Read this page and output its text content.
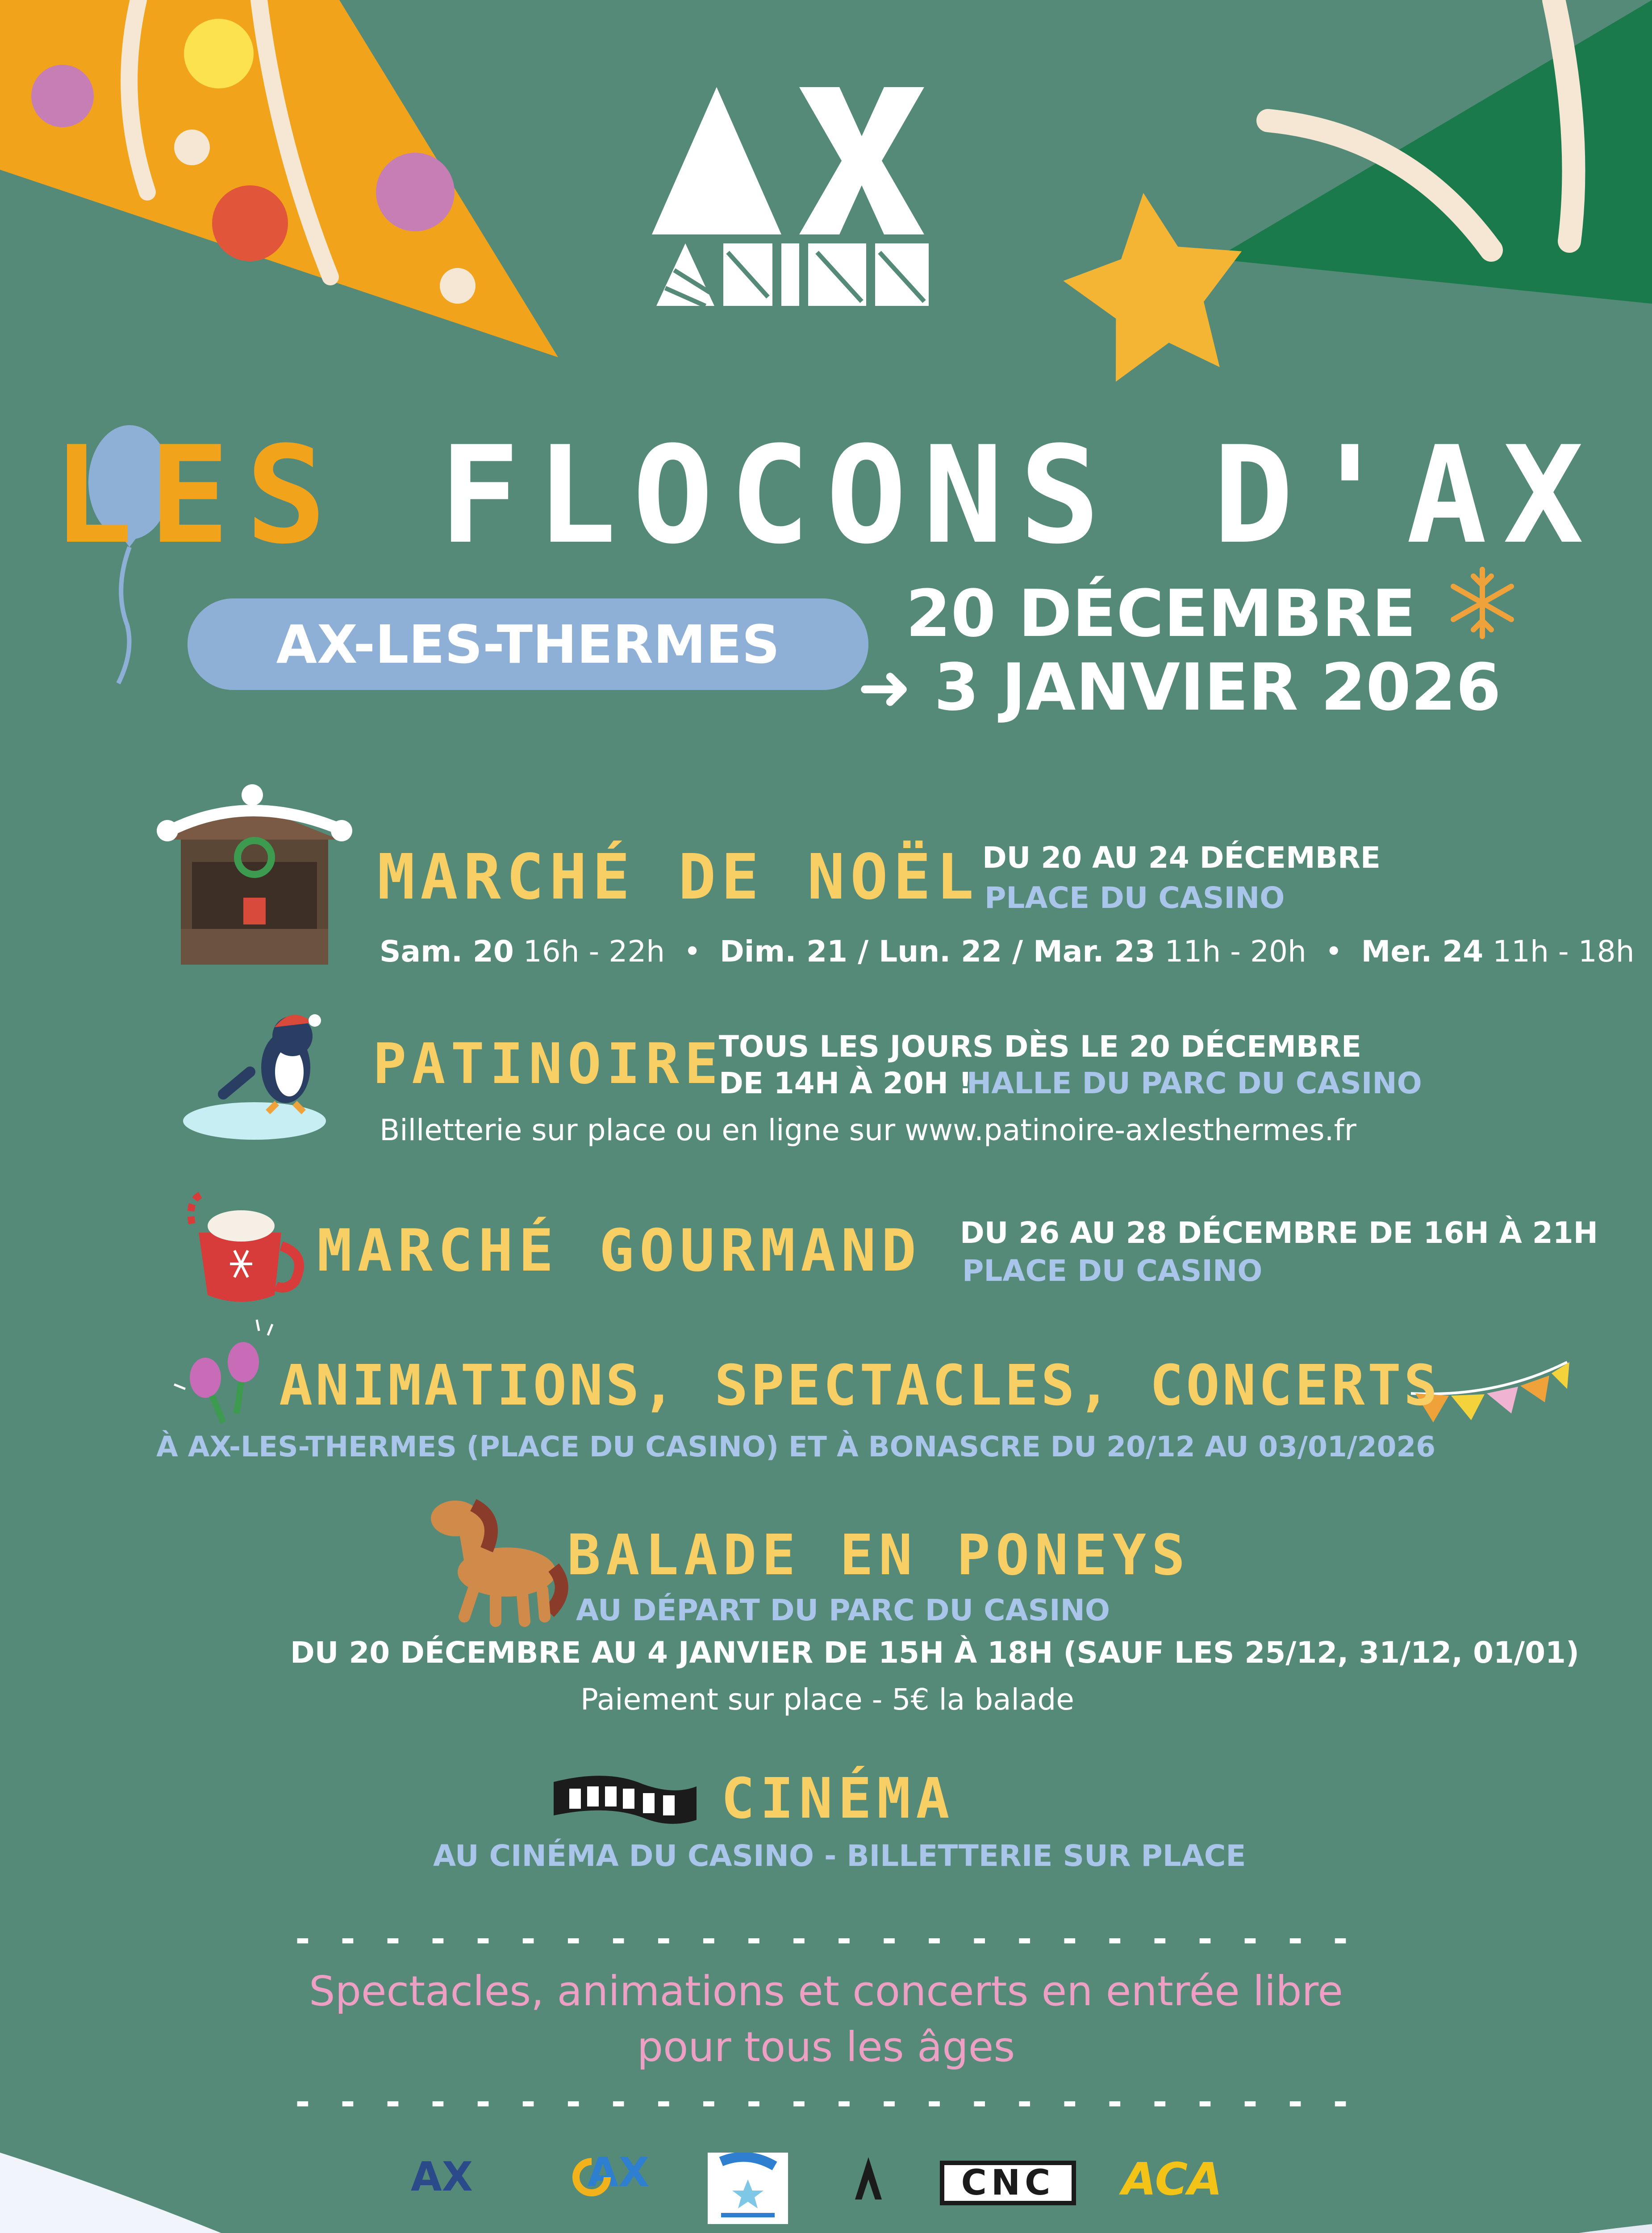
LES FLOCONS D'AX
AX-LES-THERMES	20 DÉCEMBRE
➜ 3 JANVIER 2026
MARCHÉ DE NOËL DU 20 AU 24 DÉCEMBRE
PLACE DU CASINO
Sam. 20 16h - 22h • Dim. 21 / Lun. 22 / Mar. 23 11h - 20h • Mer. 24 11h - 18h
PATINOIRE
TOUS LES JOURS DÈS LE 20 DÉCEMBRE
DE 14H À 20H !
HALLE DU PARC DU CASINO
Billetterie sur place ou en ligne sur www.patinoire-axlesthermes.fr
MARCHÉ GOURMAND DU 26 AU 28 DÉCEMBRE DE 16H À 21H
PLACE DU CASINO
ANIMATIONS, SPECTACLES, CONCERTS
À AX-LES-THERMES (PLACE DU CASINO) ET À BONASCRE DU 20/12 AU 03/01/2026
BALADE EN PONEYS
AU DÉPART DU PARC DU CASINO
DU 20 DÉCEMBRE AU 4 JANVIER DE 15H À 18H (SAUF LES 25/12, 31/12, 01/01)
Paiement sur place - 5€ la balade
CINÉMA
AU CINÉMA DU CASINO - BILLETTERIE SUR PLACE
- - - - - - - - - - - - - - - - - - - - - - - -
Spectacles, animations et concerts en entrée libre
pour tous les âges
- - - - - - - - - - - - - - - - - - - - - - - -
AX	AX	CNC	ACA
